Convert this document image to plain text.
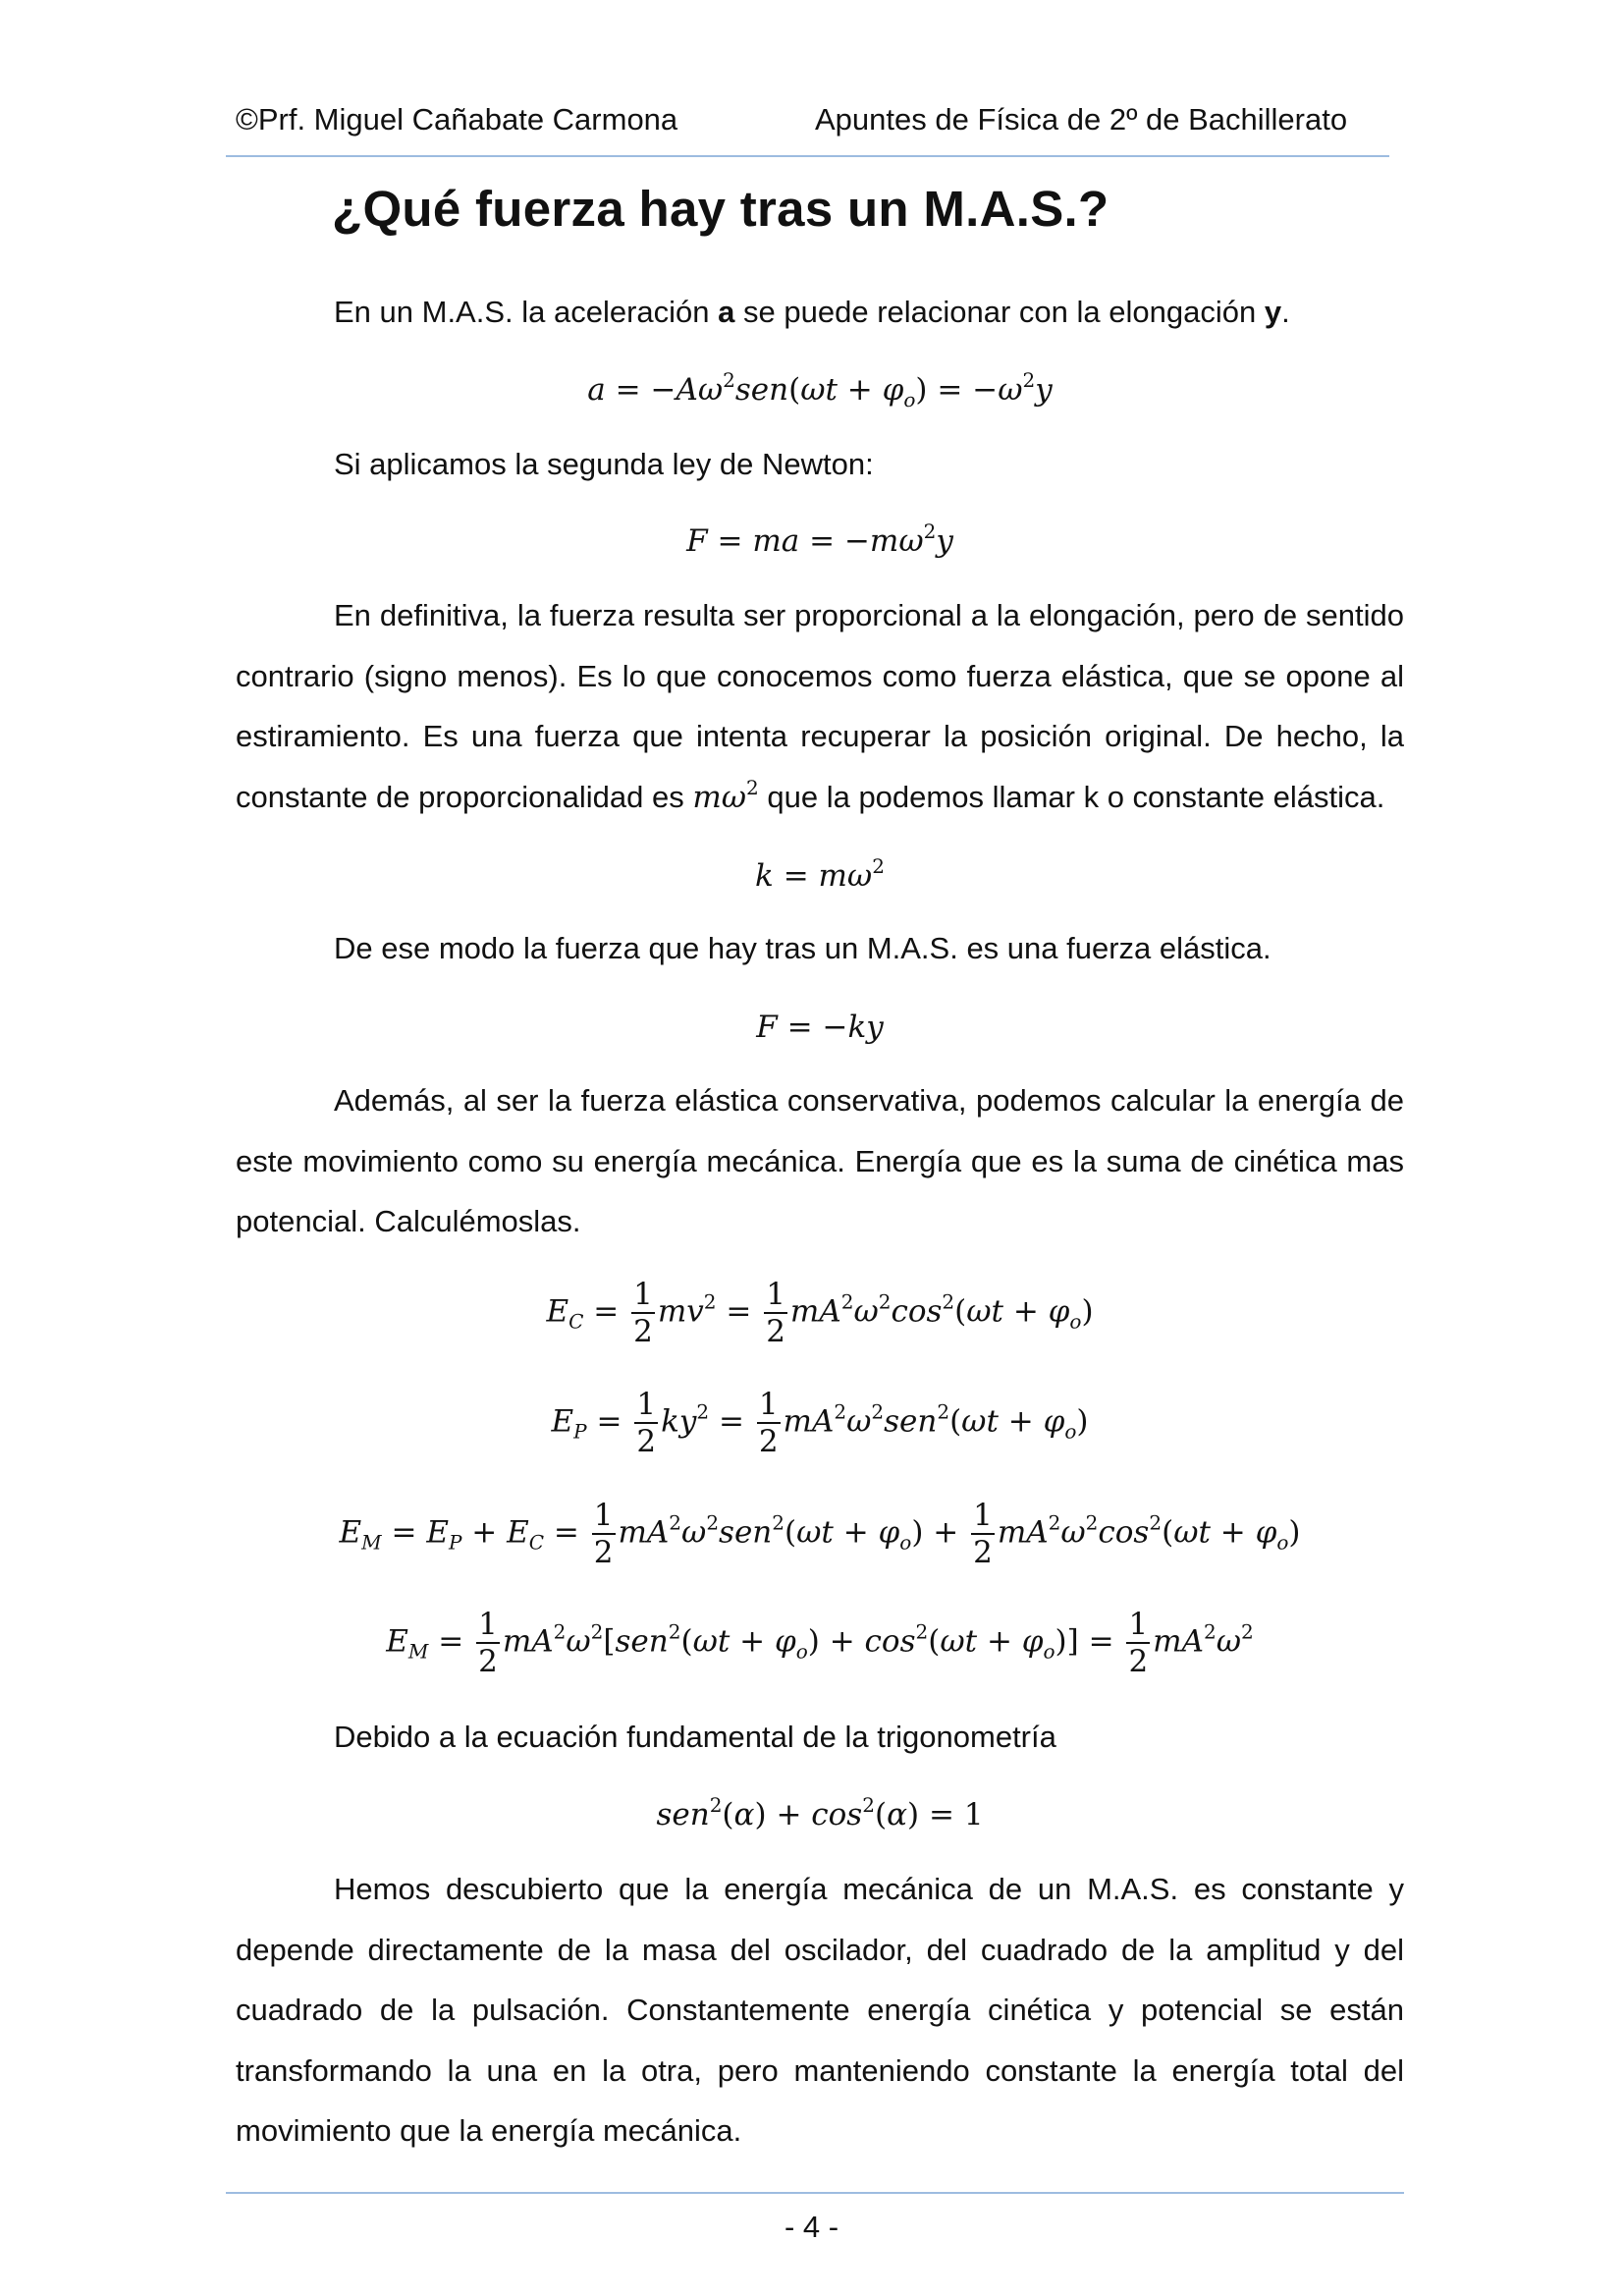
©Prf. Miguel Cañabate Carmona	Apuntes de Física de 2º de Bachillerato
¿Qué fuerza hay tras un M.A.S.?

En un M.A.S. la aceleración a se puede relacionar con la elongación y.

$a = -A\omega^2sen(\omega t + \varphi_o) = -\omega^2y$

Si aplicamos la segunda ley de Newton:

F = ma = $-m\omega^2y$

En definitiva, la fuerza resulta ser proporcional a la elongación, pero de sentido contrario (signo menos). Es lo que conocemos como fuerza elástica, que se opone al estiramiento. Es una fuerza que intenta recuperar la posición original. De hecho, la constante de proporcionalidad es $m\omega^2$ que la podemos llamar k o constante elástica.

$k = m\omega^2$

De ese modo la fuerza que hay tras un M.A.S. es una fuerza elástica.

F = −ky

Además, al ser la fuerza elástica conservativa, podemos calcular la energía de este movimiento como su energía mecánica. Energía que es la suma de cinética mas potencial. Calculémoslas.

$E_C = \frac{1}{2} mv^2 = \frac{1}{2} mA^2\omega^2\cos^2(\omega t + \varphi_o)$
$E_P = \frac{1}{2} ky^2 = \frac{1}{2} mA^2\omega^2sen^2(\omega t + \varphi_o)$
$E_M = E_P + E_C = \frac{1}{2} mA^2\omega^2sen^2(\omega t + \varphi_o) + \frac{1}{2} mA^2\omega^2\cos^2(\omega t + \varphi_o)$
$E_M = \frac{1}{2} mA^2\omega^2[sen^2(\omega t + \varphi_o) + \cos^2(\omega t + \varphi_o)] = \frac{1}{2} mA^2\omega^2$

Debido a la ecuación fundamental de la trigonometría

$sen^2(\alpha) + \cos^2(\alpha) = 1$

Hemos descubierto que la energía mecánica de un M.A.S. es constante y depende directamente de la masa del oscilador, del cuadrado de la amplitud y del cuadrado de la pulsación. Constantemente energía cinética y potencial se están transformando la una en la otra, pero manteniendo constante la energía total del movimiento que la energía mecánica.

- 4 -
